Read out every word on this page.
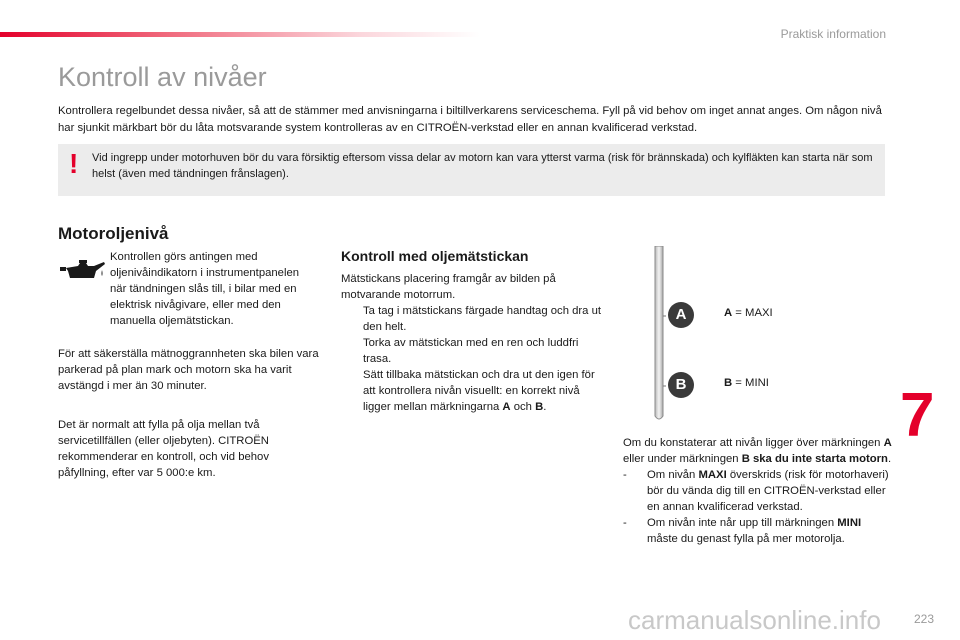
Praktisk information
Kontroll av nivåer

Kontrollera regelbundet dessa nivåer, så att de stämmer med anvisningarna i biltillverkarens serviceschema. Fyll på vid behov om inget annat anges. Om någon nivå har sjunkit märkbart bör du låta motsvarande system kontrolleras av en CITROËN-verkstad eller en annan kvalificerad verkstad.

! Vid ingrepp under motorhuven bör du vara försiktig eftersom vissa delar av motorn kan vara ytterst varma (risk för brännskada) och kylfläkten kan starta när som helst (även med tändningen frånslagen).

Motoroljenivå

Kontrollen görs antingen med oljenivåindikatorn i instrumentpanelen när tändningen slås till, i bilar med en elektrisk nivågivare, eller med den manuella oljemätstickan.

För att säkerställa mätnoggrannheten ska bilen vara parkerad på plan mark och motorn ska ha varit avstängd i mer än 30 minuter.

Det är normalt att fylla på olja mellan två servicetillfällen (eller oljebyten). CITROËN rekommenderar en kontroll, och vid behov påfyllning, efter var 5 000:e km.

Kontroll med oljemätstickan

Mätstickans placering framgår av bilden på motvarande motorrum.

Ta tag i mätstickans färgade handtag och dra ut den helt.
Torka av mätstickan med en ren och luddfri trasa.
Sätt tillbaka mätstickan och dra ut den igen för att kontrollera nivån visuellt: en korrekt nivå ligger mellan märkningarna A och B.
A
B
A = MAXI
B = MINI

Om du konstaterar att nivån ligger över märkningen A eller under märkningen B ska du inte starta motorn.

- Om nivån MAXI överskrids (risk för motorhaveri) bör du vända dig till en CITROËN-verkstad eller en annan kvalificerad verkstad.
- Om nivån inte når upp till märkningen MINI måste du genast fylla på mer motorolja.
7
223
carmanualsonline.info
